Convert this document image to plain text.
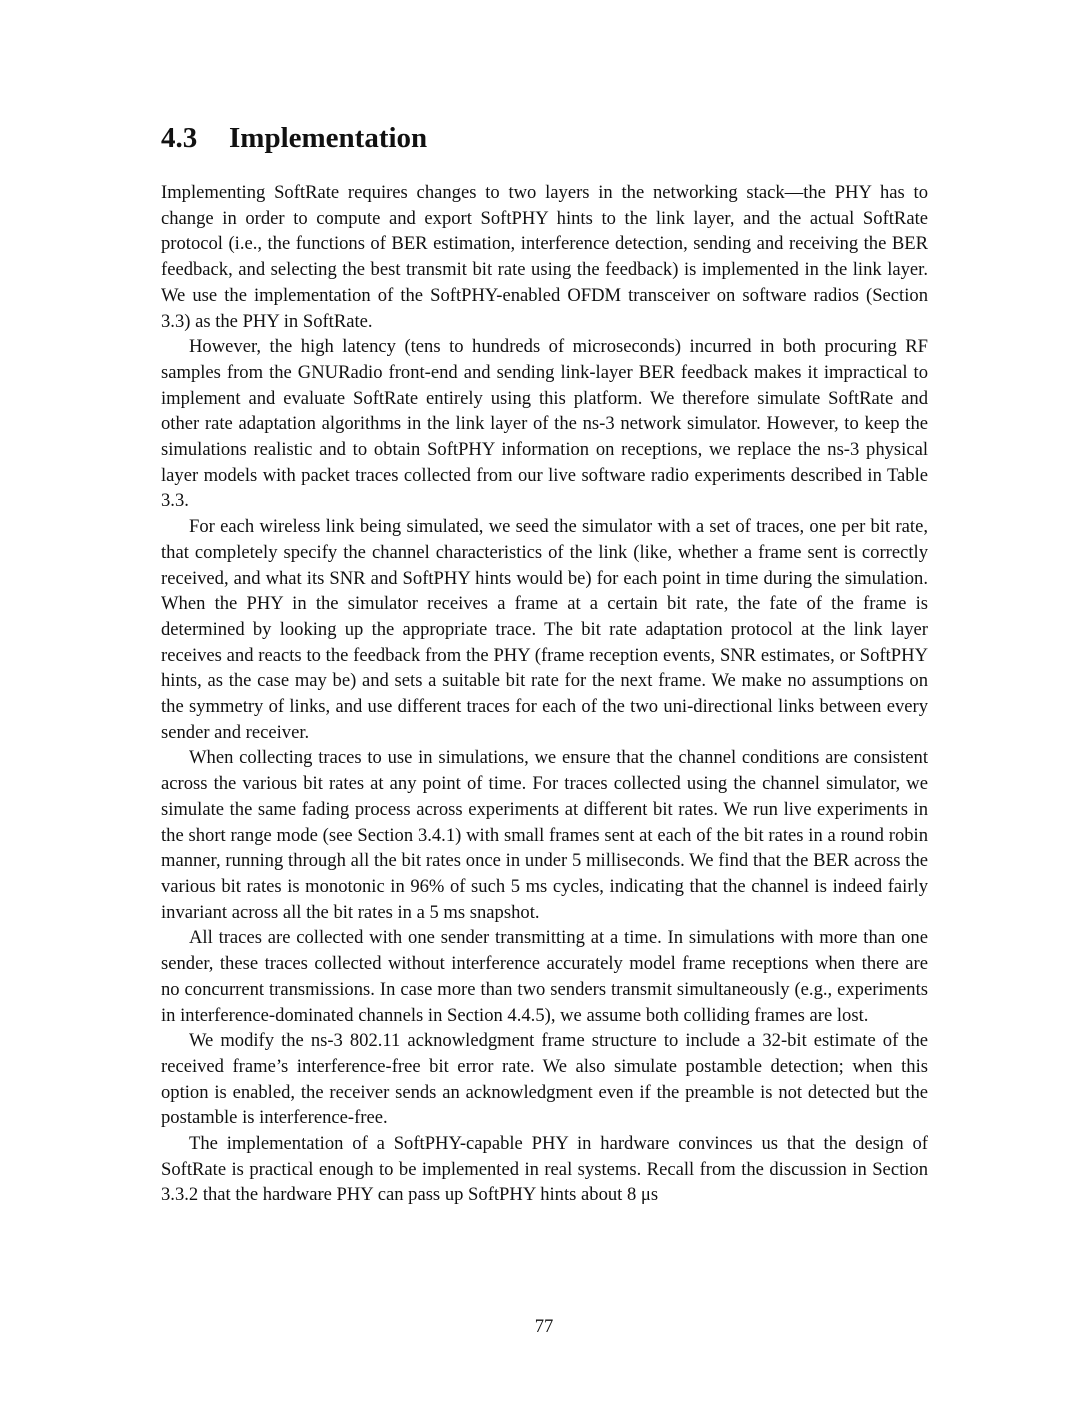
4.3 Implementation

Implementing SoftRate requires changes to two layers in the networking stack—the PHY has to change in order to compute and export SoftPHY hints to the link layer, and the actual SoftRate protocol (i.e., the functions of BER estimation, interference detection, sending and receiving the BER feedback, and selecting the best transmit bit rate using the feedback) is implemented in the link layer. We use the implementation of the SoftPHY-enabled OFDM transceiver on software radios (Section 3.3) as the PHY in SoftRate.

However, the high latency (tens to hundreds of microseconds) incurred in both procuring RF samples from the GNURadio front-end and sending link-layer BER feedback makes it impractical to implement and evaluate SoftRate entirely using this platform. We therefore simulate SoftRate and other rate adaptation algorithms in the link layer of the ns-3 network simulator. However, to keep the simulations realistic and to obtain SoftPHY information on receptions, we replace the ns-3 physical layer models with packet traces collected from our live software radio experiments described in Table 3.3.

For each wireless link being simulated, we seed the simulator with a set of traces, one per bit rate, that completely specify the channel characteristics of the link (like, whether a frame sent is correctly received, and what its SNR and SoftPHY hints would be) for each point in time during the simulation. When the PHY in the simulator receives a frame at a certain bit rate, the fate of the frame is determined by looking up the appropriate trace. The bit rate adaptation protocol at the link layer receives and reacts to the feedback from the PHY (frame reception events, SNR estimates, or SoftPHY hints, as the case may be) and sets a suitable bit rate for the next frame. We make no assumptions on the symmetry of links, and use different traces for each of the two uni-directional links between every sender and receiver.

When collecting traces to use in simulations, we ensure that the channel conditions are consistent across the various bit rates at any point of time. For traces collected using the channel simulator, we simulate the same fading process across experiments at different bit rates. We run live experiments in the short range mode (see Section 3.4.1) with small frames sent at each of the bit rates in a round robin manner, running through all the bit rates once in under 5 milliseconds. We find that the BER across the various bit rates is monotonic in 96% of such 5 ms cycles, indicating that the channel is indeed fairly invariant across all the bit rates in a 5 ms snapshot.

All traces are collected with one sender transmitting at a time. In simulations with more than one sender, these traces collected without interference accurately model frame receptions when there are no concurrent transmissions. In case more than two senders transmit simultaneously (e.g., experiments in interference-dominated channels in Section 4.4.5), we assume both colliding frames are lost.

We modify the ns-3 802.11 acknowledgment frame structure to include a 32-bit estimate of the received frame’s interference-free bit error rate. We also simulate postamble detection; when this option is enabled, the receiver sends an acknowledgment even if the preamble is not detected but the postamble is interference-free.

The implementation of a SoftPHY-capable PHY in hardware convinces us that the design of SoftRate is practical enough to be implemented in real systems. Recall from the discussion in Section 3.3.2 that the hardware PHY can pass up SoftPHY hints about 8 μs

77
